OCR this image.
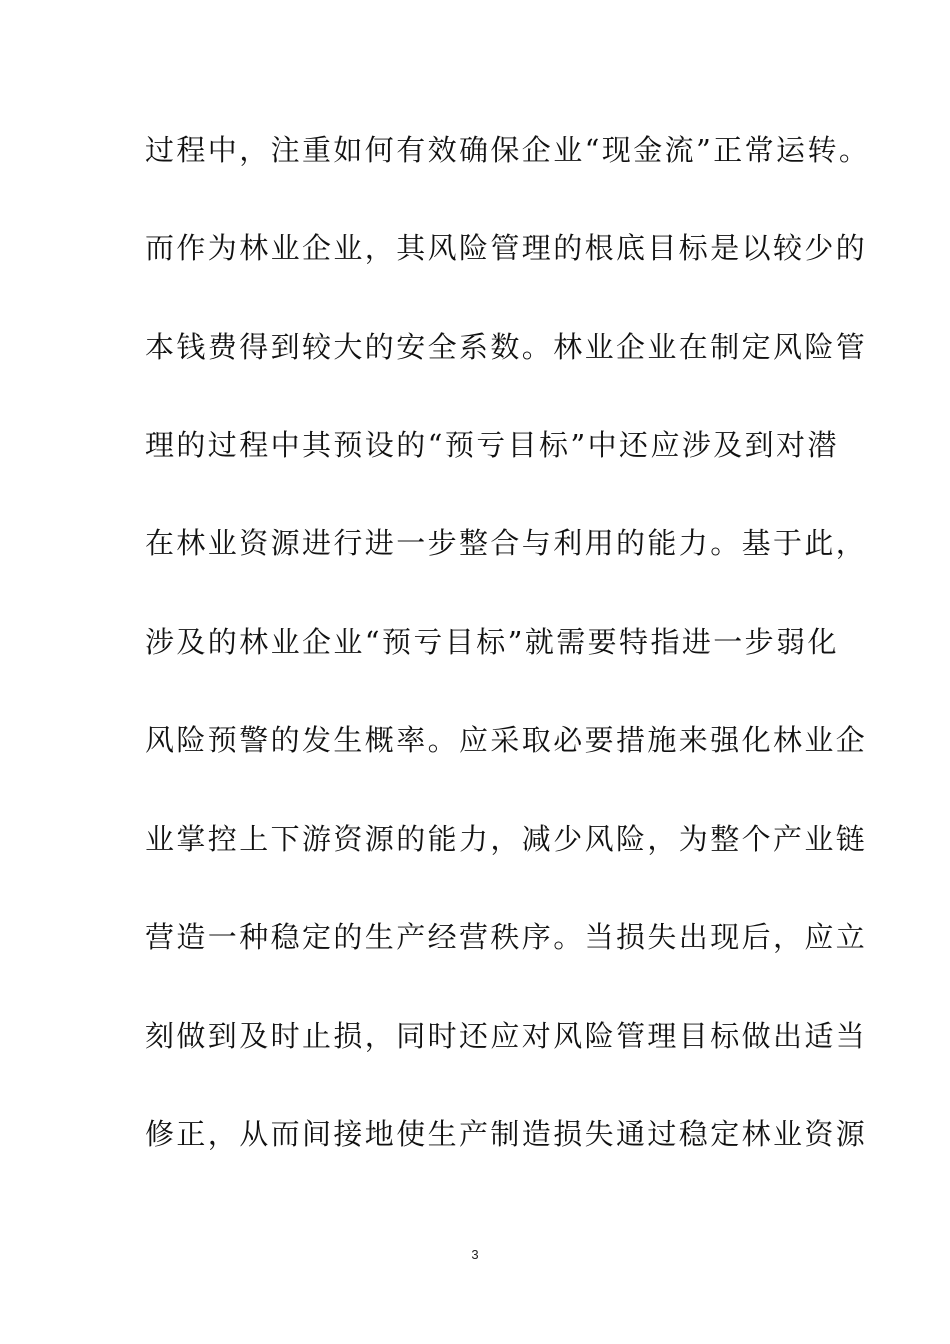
过程中，注重如何有效确保企业“现金流”正常运转。
而作为林业企业，其风险管理的根底目标是以较少的
本钱费得到较大的安全系数。林业企业在制定风险管
理的过程中其预设的“预亏目标”中还应涉及到对潜
在林业资源进行进一步整合与利用的能力。基于此，
涉及的林业企业“预亏目标”就需要特指进一步弱化
风险预警的发生概率。应采取必要措施来强化林业企
业掌控上下游资源的能力，减少风险，为整个产业链
营造一种稳定的生产经营秩序。当损失出现后，应立
刻做到及时止损，同时还应对风险管理目标做出适当
修正，从而间接地使生产制造损失通过稳定林业资源
3
